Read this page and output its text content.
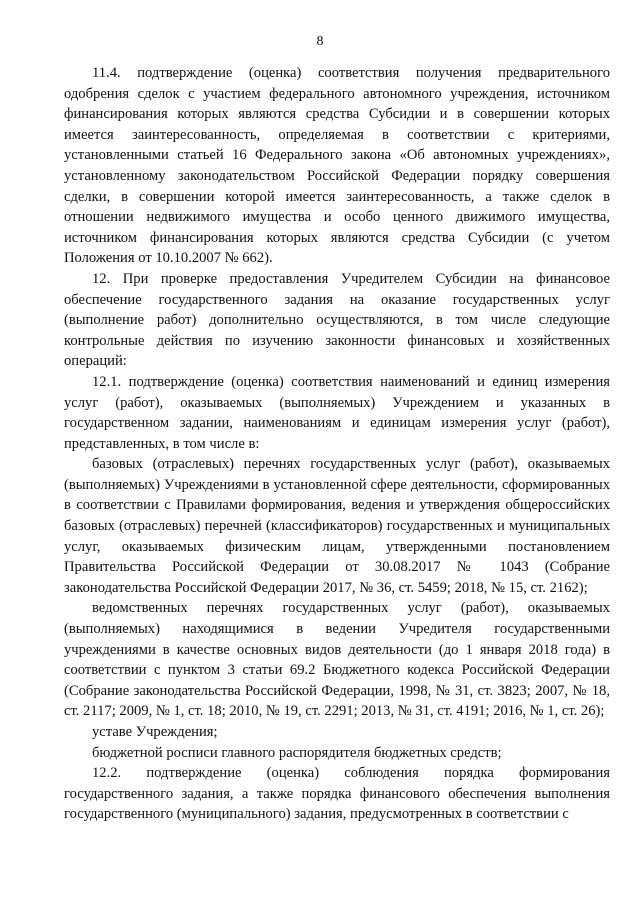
8

11.4. подтверждение (оценка) соответствия получения предварительного одобрения сделок с участием федерального автономного учреждения, источником финансирования которых являются средства Субсидии и в совершении которых имеется заинтересованность, определяемая в соответствии с критериями, установленными статьей 16 Федерального закона «Об автономных учреждениях», установленному законодательством Российской Федерации порядку совершения сделки, в совершении которой имеется заинтересованность, а также сделок в отношении недвижимого имущества и особо ценного движимого имущества, источником финансирования которых являются средства Субсидии (с учетом Положения от 10.10.2007 № 662).

12. При проверке предоставления Учредителем Субсидии на финансовое обеспечение государственного задания на оказание государственных услуг (выполнение работ) дополнительно осуществляются, в том числе следующие контрольные действия по изучению законности финансовых и хозяйственных операций:

12.1. подтверждение (оценка) соответствия наименований и единиц измерения услуг (работ), оказываемых (выполняемых) Учреждением и указанных в государственном задании, наименованиям и единицам измерения услуг (работ), представленных, в том числе в:

базовых (отраслевых) перечнях государственных услуг (работ), оказываемых (выполняемых) Учреждениями в установленной сфере деятельности, сформированных в соответствии с Правилами формирования, ведения и утверждения общероссийских базовых (отраслевых) перечней (классификаторов) государственных и муниципальных услуг, оказываемых физическим лицам, утвержденными постановлением Правительства Российской Федерации от 30.08.2017 № 1043 (Собрание законодательства Российской Федерации 2017, № 36, ст. 5459; 2018, № 15, ст. 2162);

ведомственных перечнях государственных услуг (работ), оказываемых (выполняемых) находящимися в ведении Учредителя государственными учреждениями в качестве основных видов деятельности (до 1 января 2018 года) в соответствии с пунктом 3 статьи 69.2 Бюджетного кодекса Российской Федерации (Собрание законодательства Российской Федерации, 1998, № 31, ст. 3823; 2007, № 18, ст. 2117; 2009, № 1, ст. 18; 2010, № 19, ст. 2291; 2013, № 31, ст. 4191; 2016, № 1, ст. 26);

уставе Учреждения;

бюджетной росписи главного распорядителя бюджетных средств;

12.2. подтверждение (оценка) соблюдения порядка формирования государственного задания, а также порядка финансового обеспечения выполнения государственного (муниципального) задания, предусмотренных в соответствии с
